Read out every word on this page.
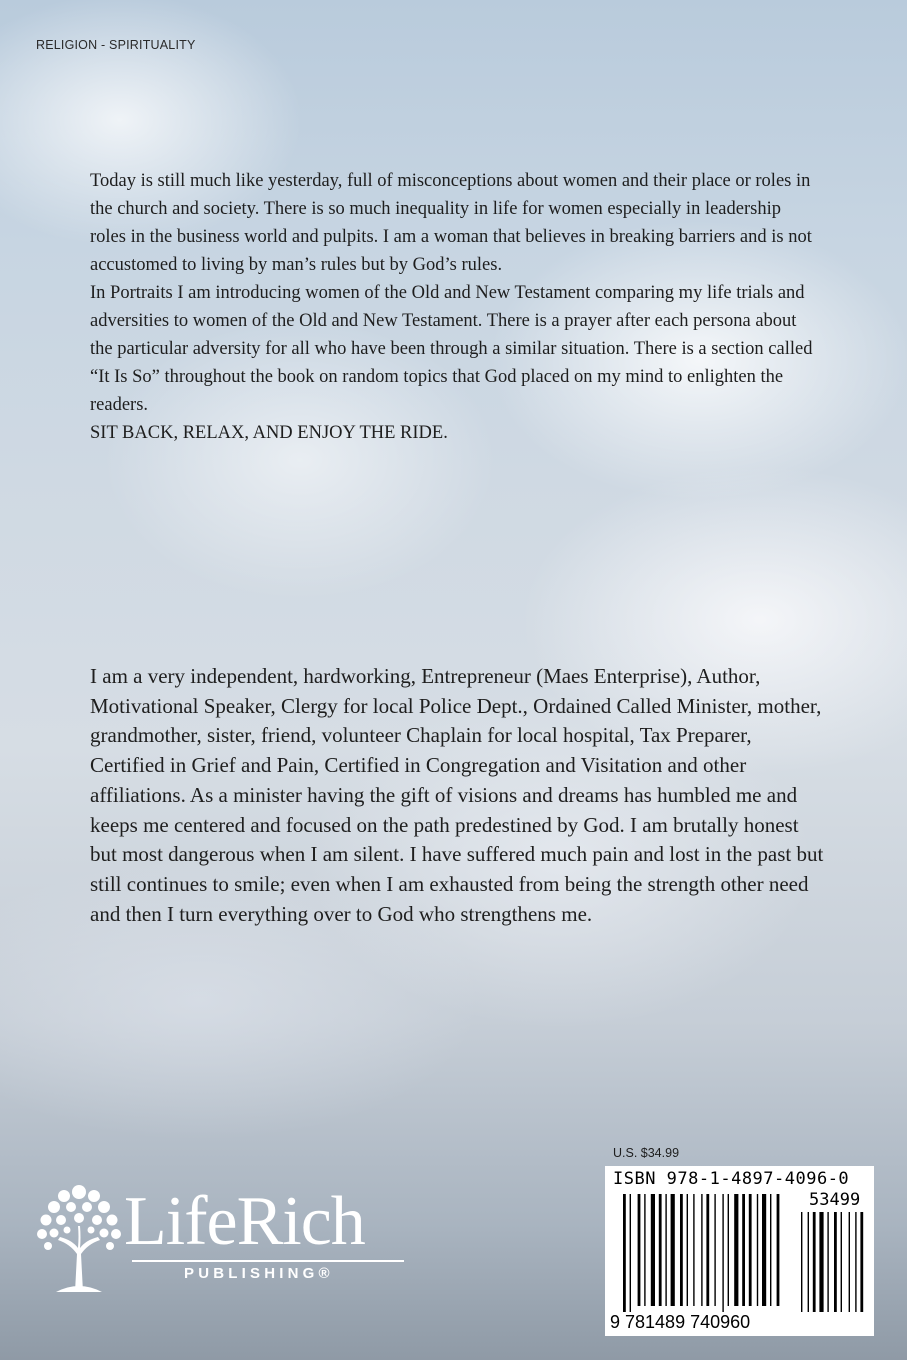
RELIGION - SPIRITUALITY

Today is still much like yesterday, full of misconceptions about women and their place or roles in the church and society. There is so much inequality in life for women especially in leadership roles in the business world and pulpits. I am a woman that believes in breaking barriers and is not accustomed to living by man’s rules but by God’s rules.

In Portraits I am introducing women of the Old and New Testament comparing my life trials and adversities to women of the Old and New Testament. There is a prayer after each persona about the particular adversity for all who have been through a similar situation. There is a section called “It Is So” throughout the book on random topics that God placed on my mind to enlighten the readers.

SIT BACK, RELAX, AND ENJOY THE RIDE.

I am a very independent, hardworking, Entrepreneur (Maes Enterprise), Author, Motivational Speaker, Clergy for local Police Dept., Ordained Called Minister, mother, grandmother, sister, friend, volunteer Chaplain for local hospital, Tax Preparer, Certified in Grief and Pain, Certified in Congregation and Visitation and other affiliations. As a minister having the gift of visions and dreams has humbled me and keeps me centered and focused on the path predestined by God. I am brutally honest but most dangerous when I am silent. I have suffered much pain and lost in the past but still continues to smile; even when I am exhausted from being the strength other need and then I turn everything over to God who strengthens me.
LifeRich
PUBLISHING®
U.S. $34.99
ISBN 978-1-4897-4096-0
53499
9 781489 740960
